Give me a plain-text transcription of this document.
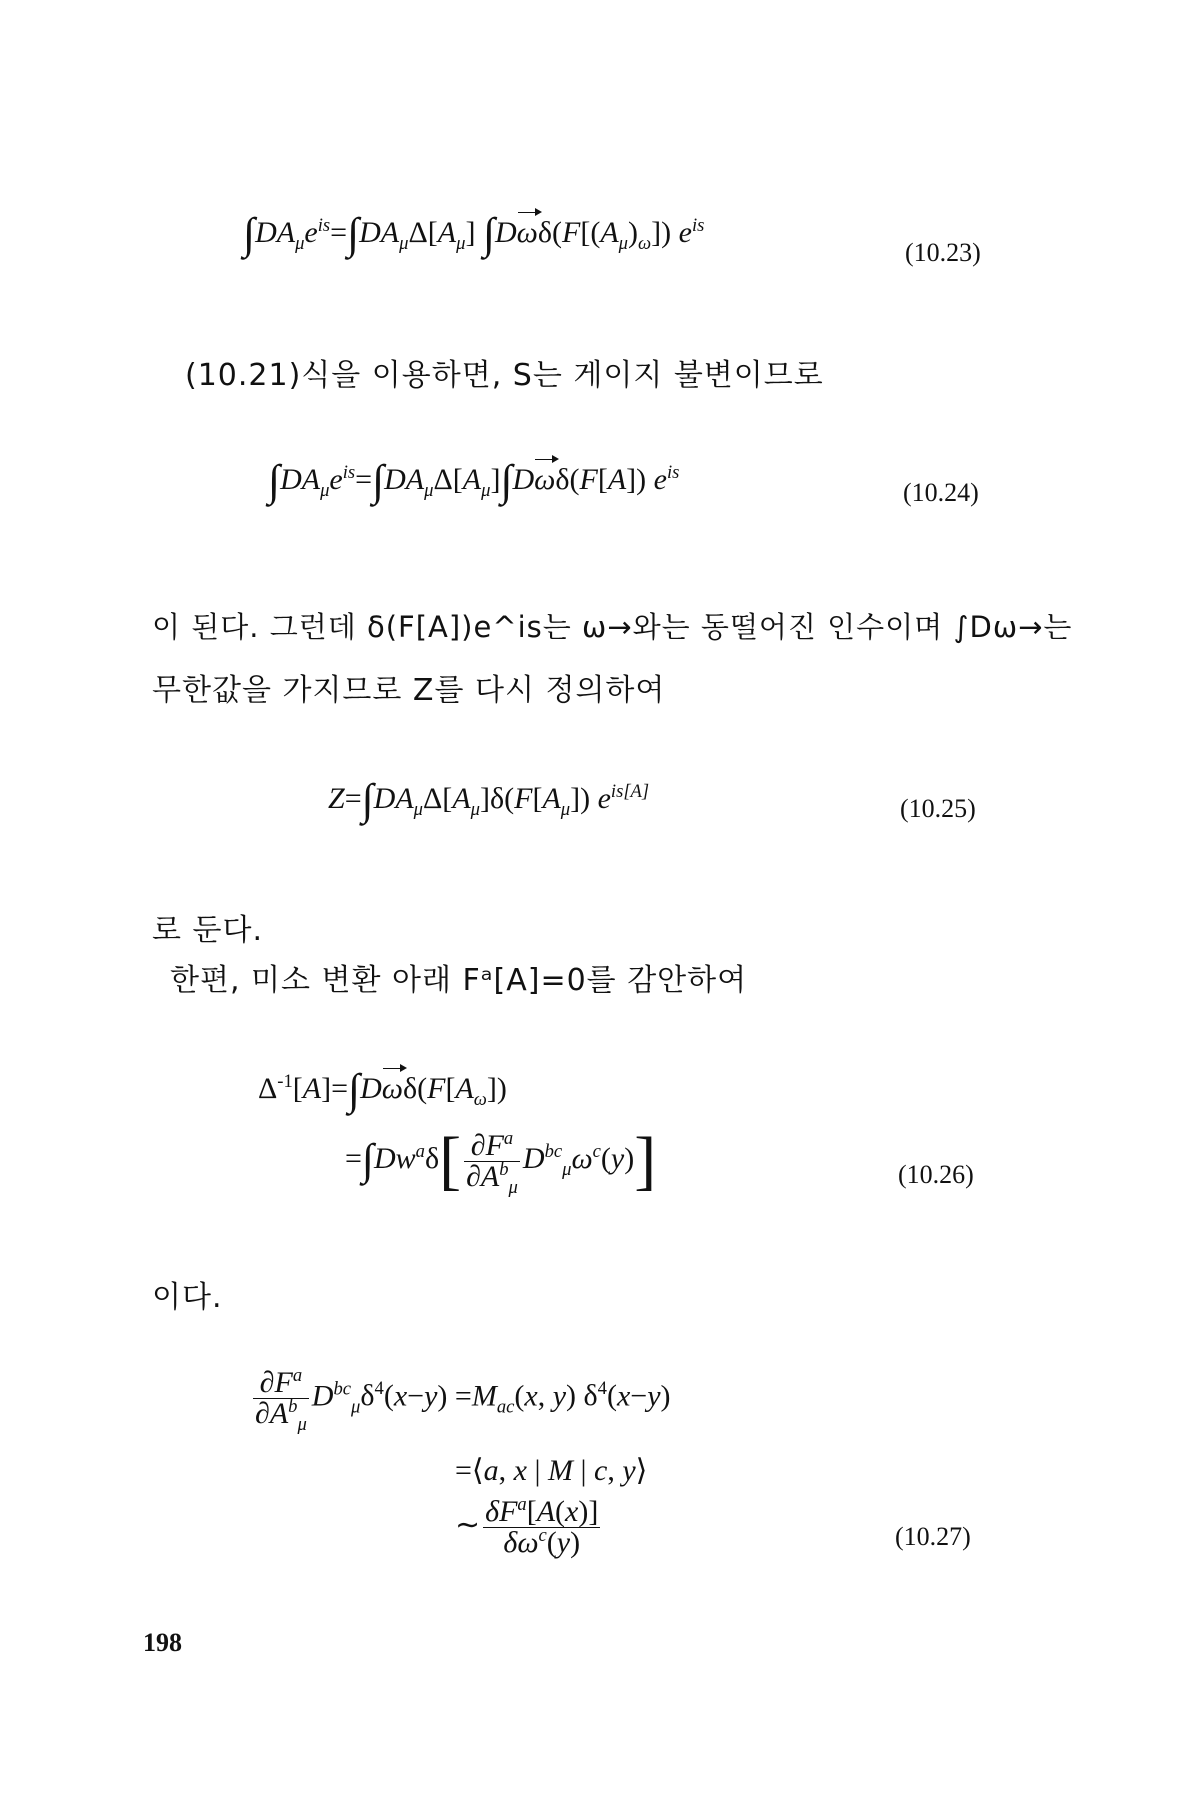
$\int DA_\mu e^{is}=\int DA_\mu\Delta[A_\mu]$ $\int D\omega\delta(F[(A_\mu)_\omega])$ $e^{is}$
(10.23)
(10.21)식을 이용하면, S는 게이지 불변이므로
$\int DA_\mu e^{is}=\int DA_\mu\Delta[A_\mu]\int D\omega\delta(F[A])$ $e^{is}$
(10.24)
이 된다. 그런데 δ(F[A])e^is는 ω→와는 동떨어진 인수이며 ∫Dω→는
무한값을 가지므로 Z를 다시 정의하여
$Z=\int DA_\mu\Delta[A_\mu]\delta(F[A_\mu])$ $e^{is[A]}$
(10.25)
로 둔다.
한편, 미소 변환 아래 Fᵃ[A]=0를 감안하여
$\Delta^{-1}[A]=\int D\omega\delta(F[A_\omega])$
$=\int Dw^a\delta[ \frac{\partial F^a}{\partial A^b_\mu} D^{bc}_\mu\omega^c(y)]$	(10.26)
이다.
$\frac{\partial F^a}{\partial A^b_\mu} D^{bc}_\mu\delta^4(x-y) =M_{ac}(x$, y) $\delta^4(x-y)$
=⟨a, x | M | c, y⟩
∼ $\frac{\delta F^a[A(x)]}{\delta\omega^c(y)}$	(10.27)
198
